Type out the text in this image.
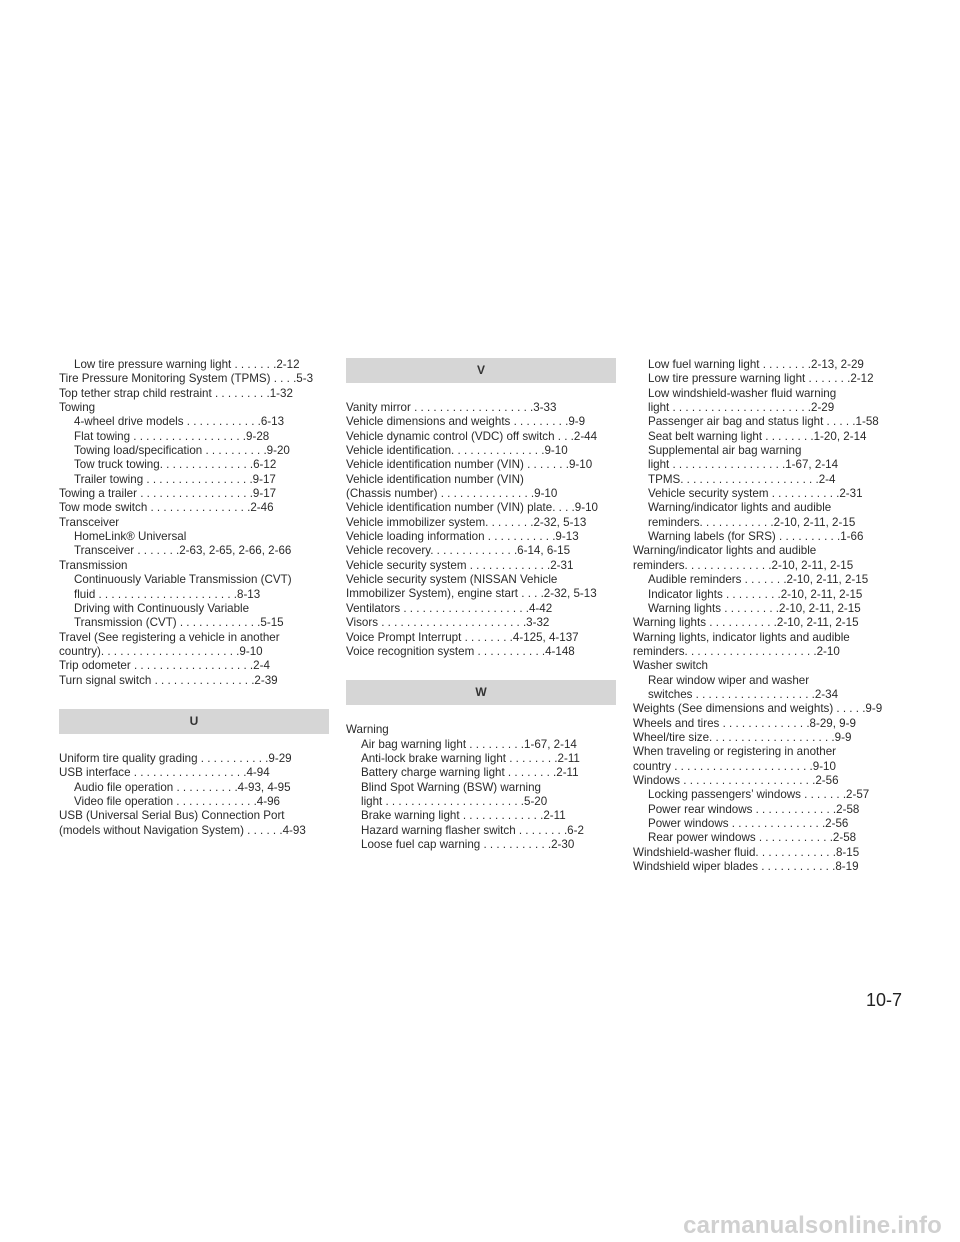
Low tire pressure warning light . . . . . . .2-12
Tire Pressure Monitoring System (TPMS) . . . .5-3
Top tether strap child restraint . . . . . . . . .1-32
Towing
4-wheel drive models . . . . . . . . . . . .6-13
Flat towing . . . . . . . . . . . . . . . . . .9-28
Towing load/specification . . . . . . . . . .9-20
Tow truck towing. . . . . . . . . . . . . . .6-12
Trailer towing . . . . . . . . . . . . . . . . .9-17
Towing a trailer . . . . . . . . . . . . . . . . . .9-17
Tow mode switch . . . . . . . . . . . . . . . .2-46
Transceiver
HomeLink® Universal
Transceiver . . . . . . .2-63, 2-65, 2-66, 2-66
Transmission
Continuously Variable Transmission (CVT)
fluid . . . . . . . . . . . . . . . . . . . . . .8-13
Driving with Continuously Variable
Transmission (CVT) . . . . . . . . . . . . .5-15
Travel (See registering a vehicle in another
country). . . . . . . . . . . . . . . . . . . . . .9-10
Trip odometer . . . . . . . . . . . . . . . . . . .2-4
Turn signal switch . . . . . . . . . . . . . . . .2-39
U
Uniform tire quality grading . . . . . . . . . . .9-29
USB interface . . . . . . . . . . . . . . . . . .4-94
Audio file operation . . . . . . . . . .4-93, 4-95
Video file operation . . . . . . . . . . . . .4-96
USB (Universal Serial Bus) Connection Port
(models without Navigation System) . . . . . .4-93
V
Vanity mirror . . . . . . . . . . . . . . . . . . .3-33
Vehicle dimensions and weights . . . . . . . . .9-9
Vehicle dynamic control (VDC) off switch . . .2-44
Vehicle identification. . . . . . . . . . . . . . .9-10
Vehicle identification number (VIN) . . . . . . .9-10
Vehicle identification number (VIN)
(Chassis number) . . . . . . . . . . . . . . .9-10
Vehicle identification number (VIN) plate. . . .9-10
Vehicle immobilizer system. . . . . . . .2-32, 5-13
Vehicle loading information . . . . . . . . . . .9-13
Vehicle recovery. . . . . . . . . . . . . .6-14, 6-15
Vehicle security system . . . . . . . . . . . . .2-31
Vehicle security system (NISSAN Vehicle
Immobilizer System), engine start . . . .2-32, 5-13
Ventilators . . . . . . . . . . . . . . . . . . . .4-42
Visors . . . . . . . . . . . . . . . . . . . . . . .3-32
Voice Prompt Interrupt . . . . . . . .4-125, 4-137
Voice recognition system . . . . . . . . . . .4-148
W
Warning
Air bag warning light . . . . . . . . .1-67, 2-14
Anti-lock brake warning light . . . . . . . .2-11
Battery charge warning light . . . . . . . .2-11
Blind Spot Warning (BSW) warning
light . . . . . . . . . . . . . . . . . . . . . .5-20
Brake warning light . . . . . . . . . . . . .2-11
Hazard warning flasher switch . . . . . . . .6-2
Loose fuel cap warning . . . . . . . . . . .2-30
Low fuel warning light . . . . . . . .2-13, 2-29
Low tire pressure warning light . . . . . . .2-12
Low windshield-washer fluid warning
light . . . . . . . . . . . . . . . . . . . . . .2-29
Passenger air bag and status light . . . . .1-58
Seat belt warning light . . . . . . . .1-20, 2-14
Supplemental air bag warning
light . . . . . . . . . . . . . . . . . .1-67, 2-14
TPMS. . . . . . . . . . . . . . . . . . . . . .2-4
Vehicle security system . . . . . . . . . . .2-31
Warning/indicator lights and audible
reminders. . . . . . . . . . . .2-10, 2-11, 2-15
Warning labels (for SRS) . . . . . . . . . .1-66
Warning/indicator lights and audible
reminders. . . . . . . . . . . . . .2-10, 2-11, 2-15
Audible reminders . . . . . . .2-10, 2-11, 2-15
Indicator lights . . . . . . . . .2-10, 2-11, 2-15
Warning lights . . . . . . . . .2-10, 2-11, 2-15
Warning lights . . . . . . . . . . .2-10, 2-11, 2-15
Warning lights, indicator lights and audible
reminders. . . . . . . . . . . . . . . . . . . . .2-10
Washer switch
Rear window wiper and washer
switches . . . . . . . . . . . . . . . . . . .2-34
Weights (See dimensions and weights) . . . . .9-9
Wheels and tires . . . . . . . . . . . . . .8-29, 9-9
Wheel/tire size. . . . . . . . . . . . . . . . . . . .9-9
When traveling or registering in another
country . . . . . . . . . . . . . . . . . . . . . .9-10
Windows . . . . . . . . . . . . . . . . . . . . .2-56
Locking passengers’ windows . . . . . . .2-57
Power rear windows . . . . . . . . . . . . .2-58
Power windows . . . . . . . . . . . . . . .2-56
Rear power windows . . . . . . . . . . . .2-58
Windshield-washer fluid. . . . . . . . . . . . .8-15
Windshield wiper blades . . . . . . . . . . . .8-19
10-7
carmanualsonline.info
